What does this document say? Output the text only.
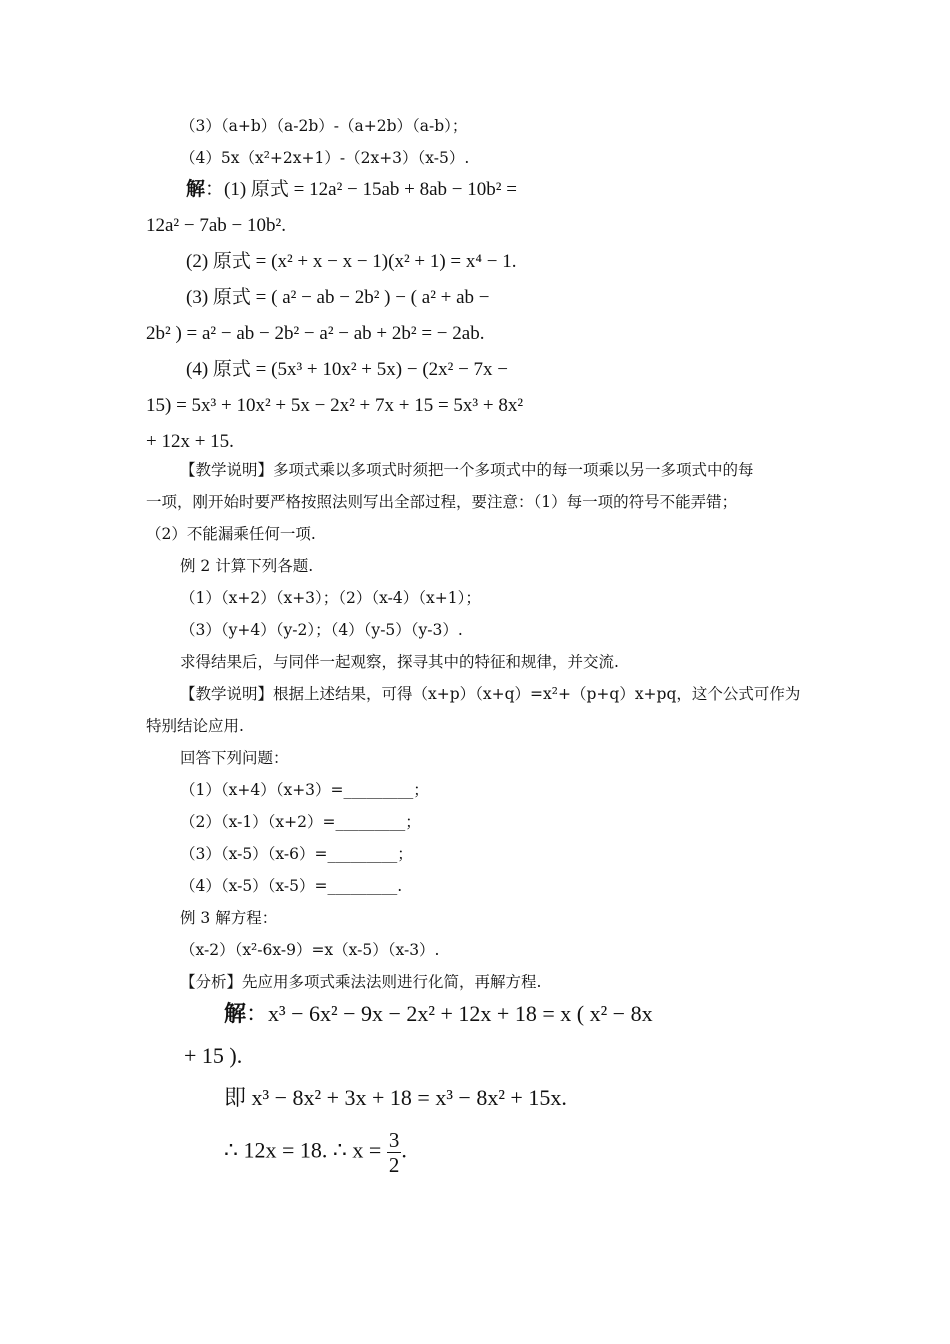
（3）（a+b）（a-2b）-（a+2b）（a-b）；
（4）5x（x²+2x+1）-（2x+3）（x-5）.
解：(1) 原式 = 12a² − 15ab + 8ab − 10b² =
12a² − 7ab − 10b².
(2) 原式 = (x² + x − x − 1)(x² + 1) = x⁴ − 1.
(3) 原式 = ( a² − ab − 2b² ) − ( a² + ab −
2b² ) = a² − ab − 2b² − a² − ab + 2b² = − 2ab.
(4) 原式 = (5x³ + 10x² + 5x) − (2x² − 7x −
15) = 5x³ + 10x² + 5x − 2x² + 7x + 15 = 5x³ + 8x²
+ 12x + 15.
【教学说明】多项式乘以多项式时须把一个多项式中的每一项乘以另一多项式中的每
一项，刚开始时要严格按照法则写出全部过程，要注意：（1）每一项的符号不能弄错；
（2）不能漏乘任何一项.
例 2 计算下列各题.
（1）（x+2）（x+3）；（2）（x-4）（x+1）；
（3）（y+4）（y-2）；（4）（y-5）（y-3）.
求得结果后，与同伴一起观察，探寻其中的特征和规律，并交流.
【教学说明】根据上述结果，可得（x+p）（x+q）=x²+（p+q）x+pq，这个公式可作为
特别结论应用.
回答下列问题：
（1）（x+4）（x+3）=_________；
（2）（x-1）（x+2）=_________；
（3）（x-5）（x-6）=_________；
（4）（x-5）（x-5）=_________.
例 3 解方程：
（x-2）（x²-6x-9）=x（x-5）（x-3）.
【分析】先应用多项式乘法法则进行化简，再解方程.
解：x³ − 6x² − 9x − 2x² + 12x + 18 = x ( x² − 8x
+ 15 ).
即 x³ − 8x² + 3x + 18 = x³ − 8x² + 15x.
∴ 12x = 18. ∴ $x = \frac{3}{2}$ .
